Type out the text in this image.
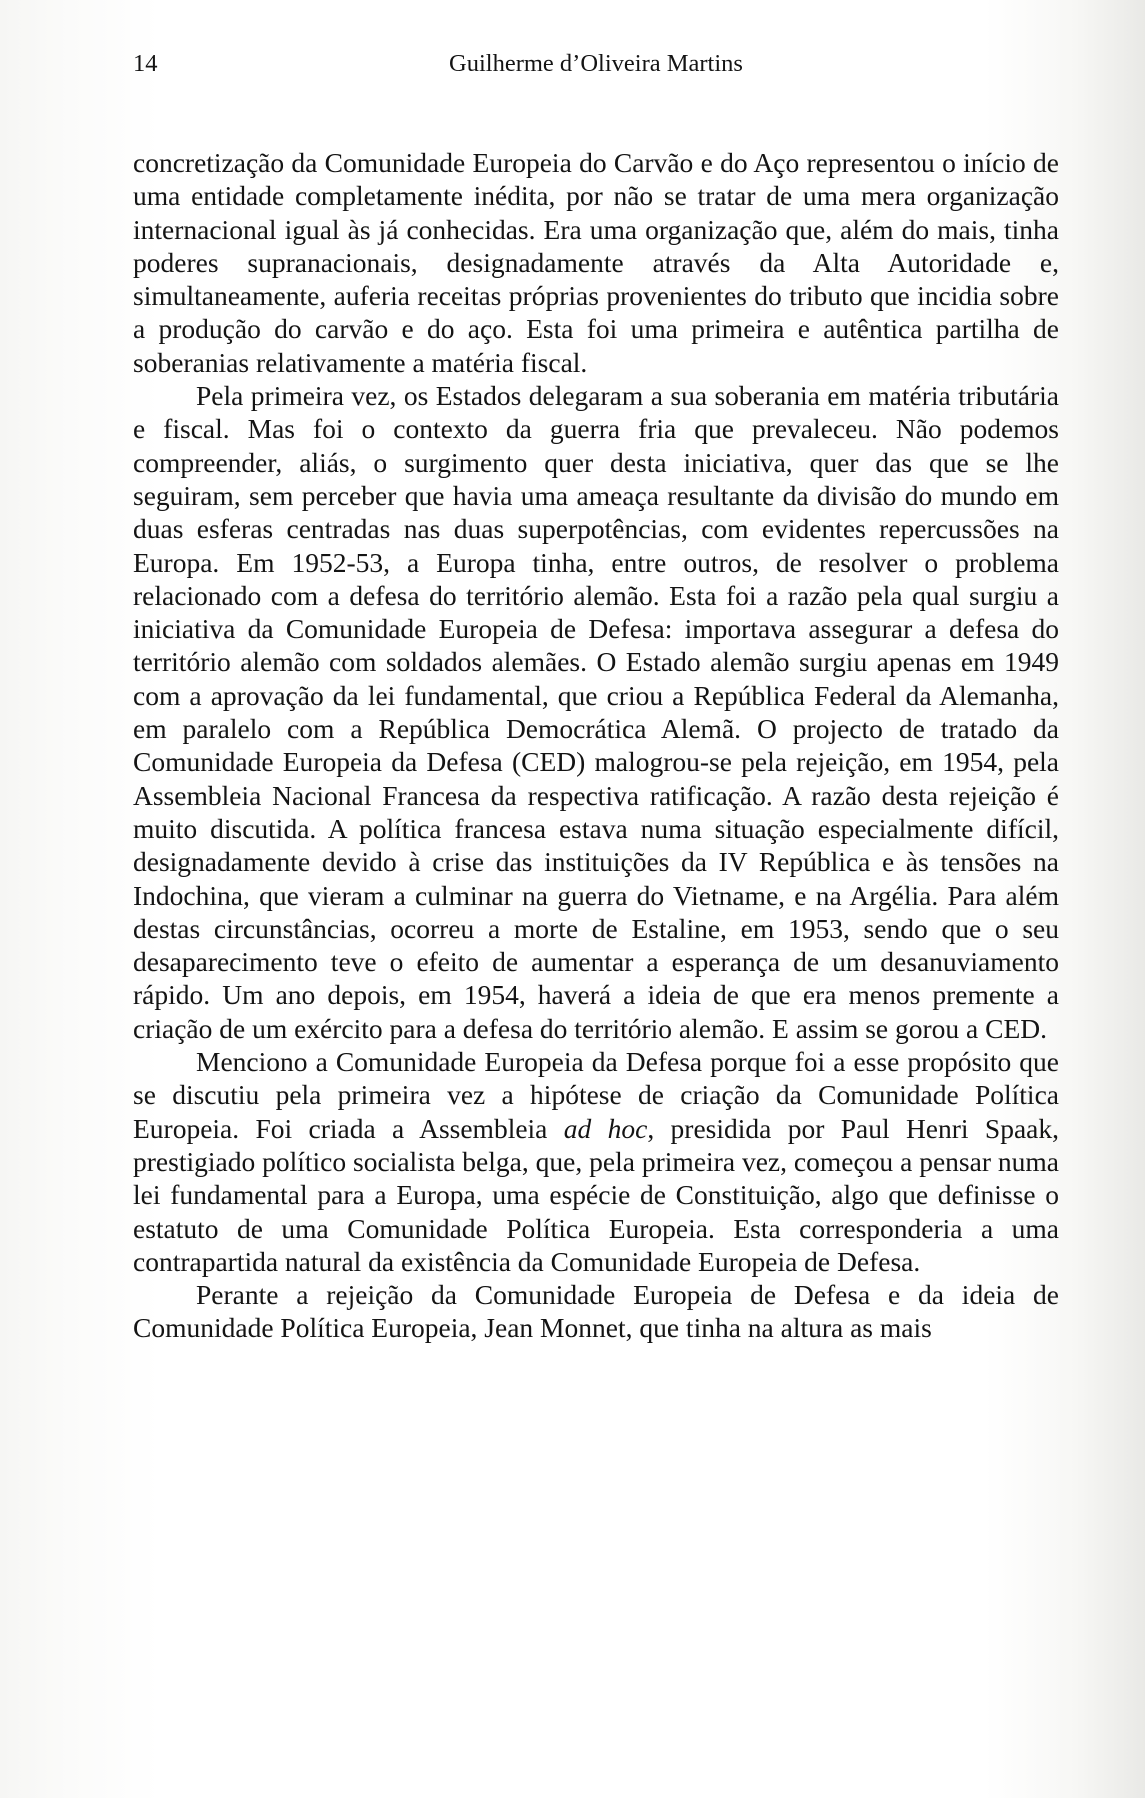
14	Guilherme d’Oliveira Martins

concretização da Comunidade Europeia do Carvão e do Aço representou o início de uma entidade completamente inédita, por não se tratar de uma mera organização internacional igual às já conhecidas. Era uma organização que, além do mais, tinha poderes supranacionais, designadamente através da Alta Autoridade e, simultaneamente, auferia receitas próprias provenientes do tributo que incidia sobre a produção do carvão e do aço. Esta foi uma primeira e autêntica partilha de soberanias relativamente a matéria fiscal.

Pela primeira vez, os Estados delegaram a sua soberania em matéria tributária e fiscal. Mas foi o contexto da guerra fria que prevaleceu. Não podemos compreender, aliás, o surgimento quer desta iniciativa, quer das que se lhe seguiram, sem perceber que havia uma ameaça resultante da divisão do mundo em duas esferas centradas nas duas superpotências, com evidentes repercussões na Europa. Em 1952-53, a Europa tinha, entre outros, de resolver o problema relacionado com a defesa do território alemão. Esta foi a razão pela qual surgiu a iniciativa da Comunidade Europeia de Defesa: importava assegurar a defesa do território alemão com soldados alemães. O Estado alemão surgiu apenas em 1949 com a aprovação da lei fundamental, que criou a República Federal da Alemanha, em paralelo com a República Democrática Alemã. O projecto de tratado da Comunidade Europeia da Defesa (CED) malogrou-se pela rejeição, em 1954, pela Assembleia Nacional Francesa da respectiva ratificação. A razão desta rejeição é muito discutida. A política francesa estava numa situação especialmente difícil, designadamente devido à crise das instituições da IV República e às tensões na Indochina, que vieram a culminar na guerra do Vietname, e na Argélia. Para além destas circunstâncias, ocorreu a morte de Estaline, em 1953, sendo que o seu desaparecimento teve o efeito de aumentar a esperança de um desanuviamento rápido. Um ano depois, em 1954, haverá a ideia de que era menos premente a criação de um exército para a defesa do território alemão. E assim se gorou a CED.

Menciono a Comunidade Europeia da Defesa porque foi a esse propósito que se discutiu pela primeira vez a hipótese de criação da Comunidade Política Europeia. Foi criada a Assembleia ad hoc, presidida por Paul Henri Spaak, prestigiado político socialista belga, que, pela primeira vez, começou a pensar numa lei fundamental para a Europa, uma espécie de Constituição, algo que definisse o estatuto de uma Comunidade Política Europeia. Esta corresponderia a uma contrapartida natural da existência da Comunidade Europeia de Defesa.

Perante a rejeição da Comunidade Europeia de Defesa e da ideia de Comunidade Política Europeia, Jean Monnet, que tinha na altura as mais
